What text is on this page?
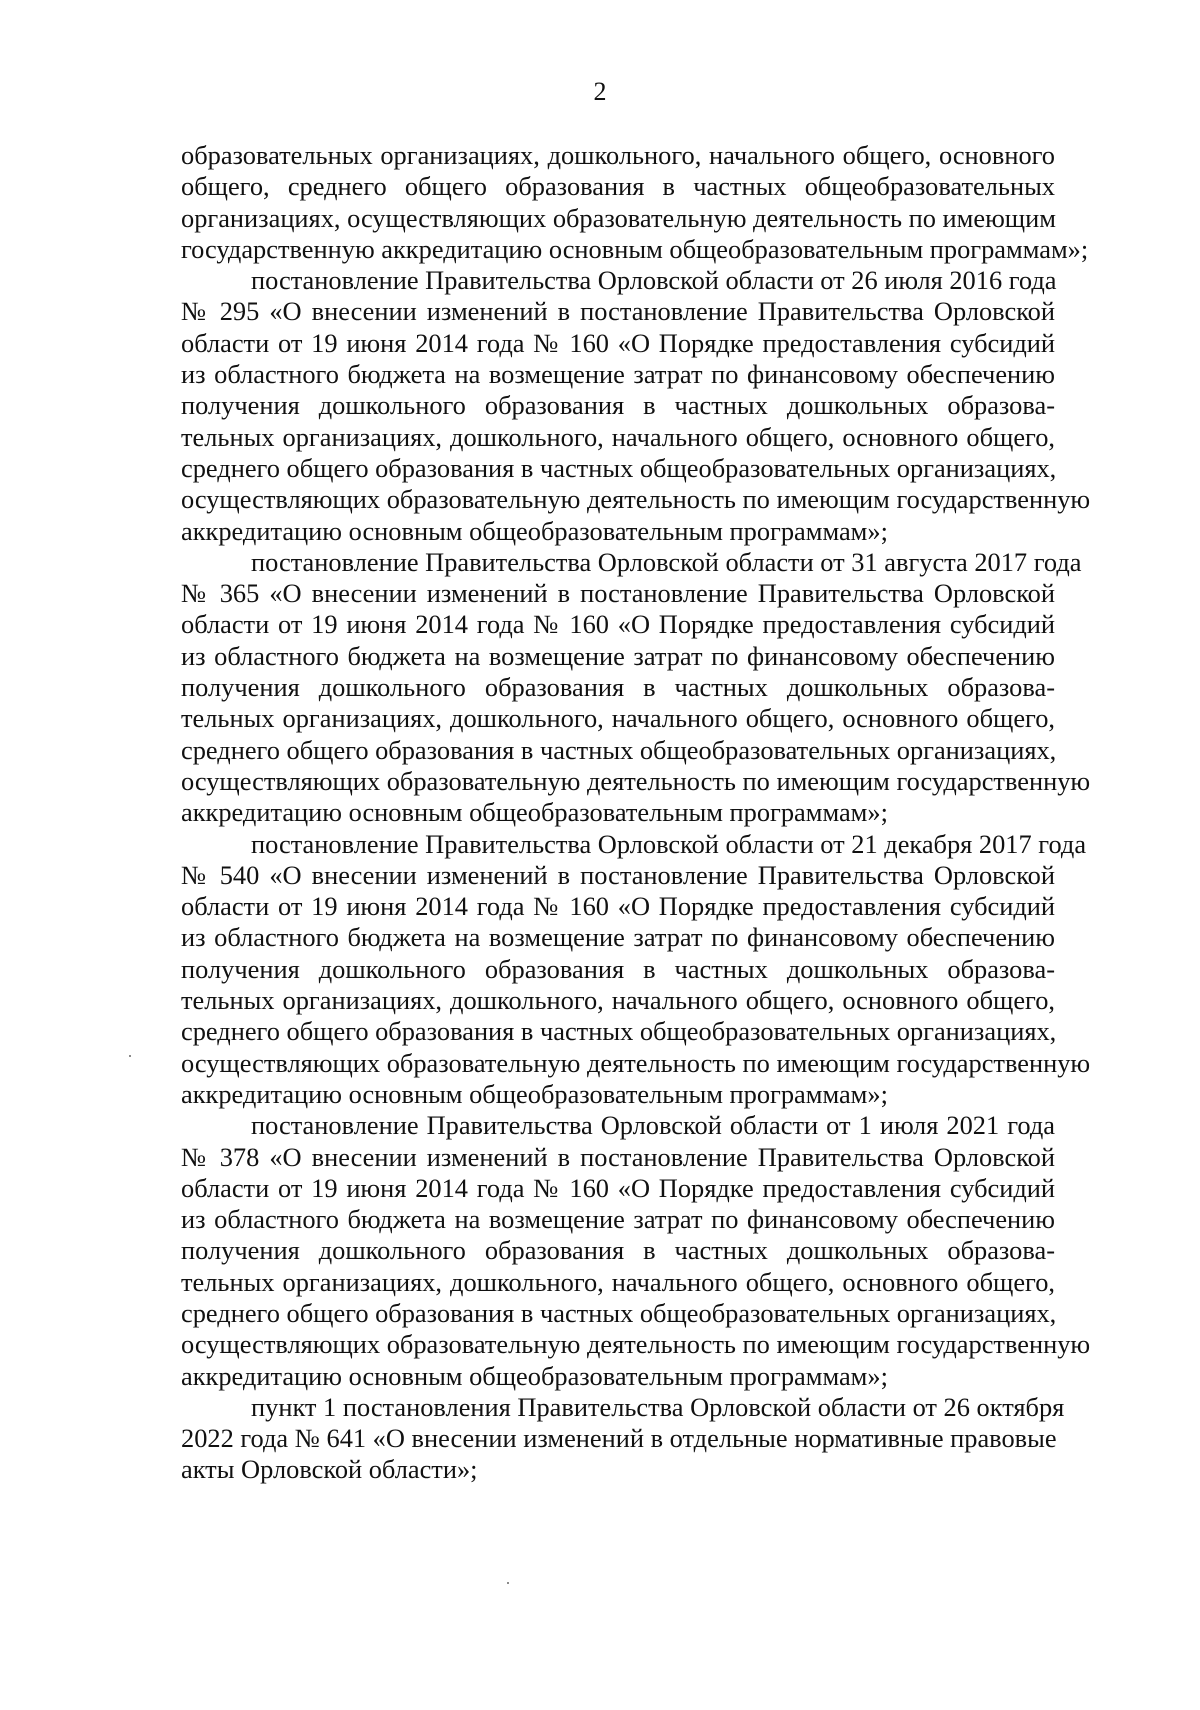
2
образовательных организациях, дошкольного, начального общего, основного
общего, среднего общего образования в частных общеобразовательных
организациях, осуществляющих образовательную деятельность по имеющим
государственную аккредитацию основным общеобразовательным программам»;
постановление Правительства Орловской области от 26 июля 2016 года
№ 295 «О внесении изменений в постановление Правительства Орловской
области от 19 июня 2014 года № 160 «О Порядке предоставления субсидий
из областного бюджета на возмещение затрат по финансовому обеспечению
получения дошкольного образования в частных дошкольных образова-
тельных организациях, дошкольного, начального общего, основного общего,
среднего общего образования в частных общеобразовательных организациях,
осуществляющих образовательную деятельность по имеющим государственную
аккредитацию основным общеобразовательным программам»;
постановление Правительства Орловской области от 31 августа 2017 года
№ 365 «О внесении изменений в постановление Правительства Орловской
области от 19 июня 2014 года № 160 «О Порядке предоставления субсидий
из областного бюджета на возмещение затрат по финансовому обеспечению
получения дошкольного образования в частных дошкольных образова-
тельных организациях, дошкольного, начального общего, основного общего,
среднего общего образования в частных общеобразовательных организациях,
осуществляющих образовательную деятельность по имеющим государственную
аккредитацию основным общеобразовательным программам»;
постановление Правительства Орловской области от 21 декабря 2017 года
№ 540 «О внесении изменений в постановление Правительства Орловской
области от 19 июня 2014 года № 160 «О Порядке предоставления субсидий
из областного бюджета на возмещение затрат по финансовому обеспечению
получения дошкольного образования в частных дошкольных образова-
тельных организациях, дошкольного, начального общего, основного общего,
среднего общего образования в частных общеобразовательных организациях,
осуществляющих образовательную деятельность по имеющим государственную
аккредитацию основным общеобразовательным программам»;
постановление Правительства Орловской области от 1 июля 2021 года
№ 378 «О внесении изменений в постановление Правительства Орловской
области от 19 июня 2014 года № 160 «О Порядке предоставления субсидий
из областного бюджета на возмещение затрат по финансовому обеспечению
получения дошкольного образования в частных дошкольных образова-
тельных организациях, дошкольного, начального общего, основного общего,
среднего общего образования в частных общеобразовательных организациях,
осуществляющих образовательную деятельность по имеющим государственную
аккредитацию основным общеобразовательным программам»;
пункт 1 постановления Правительства Орловской области от 26 октября
2022 года № 641 «О внесении изменений в отдельные нормативные правовые
акты Орловской области»;
